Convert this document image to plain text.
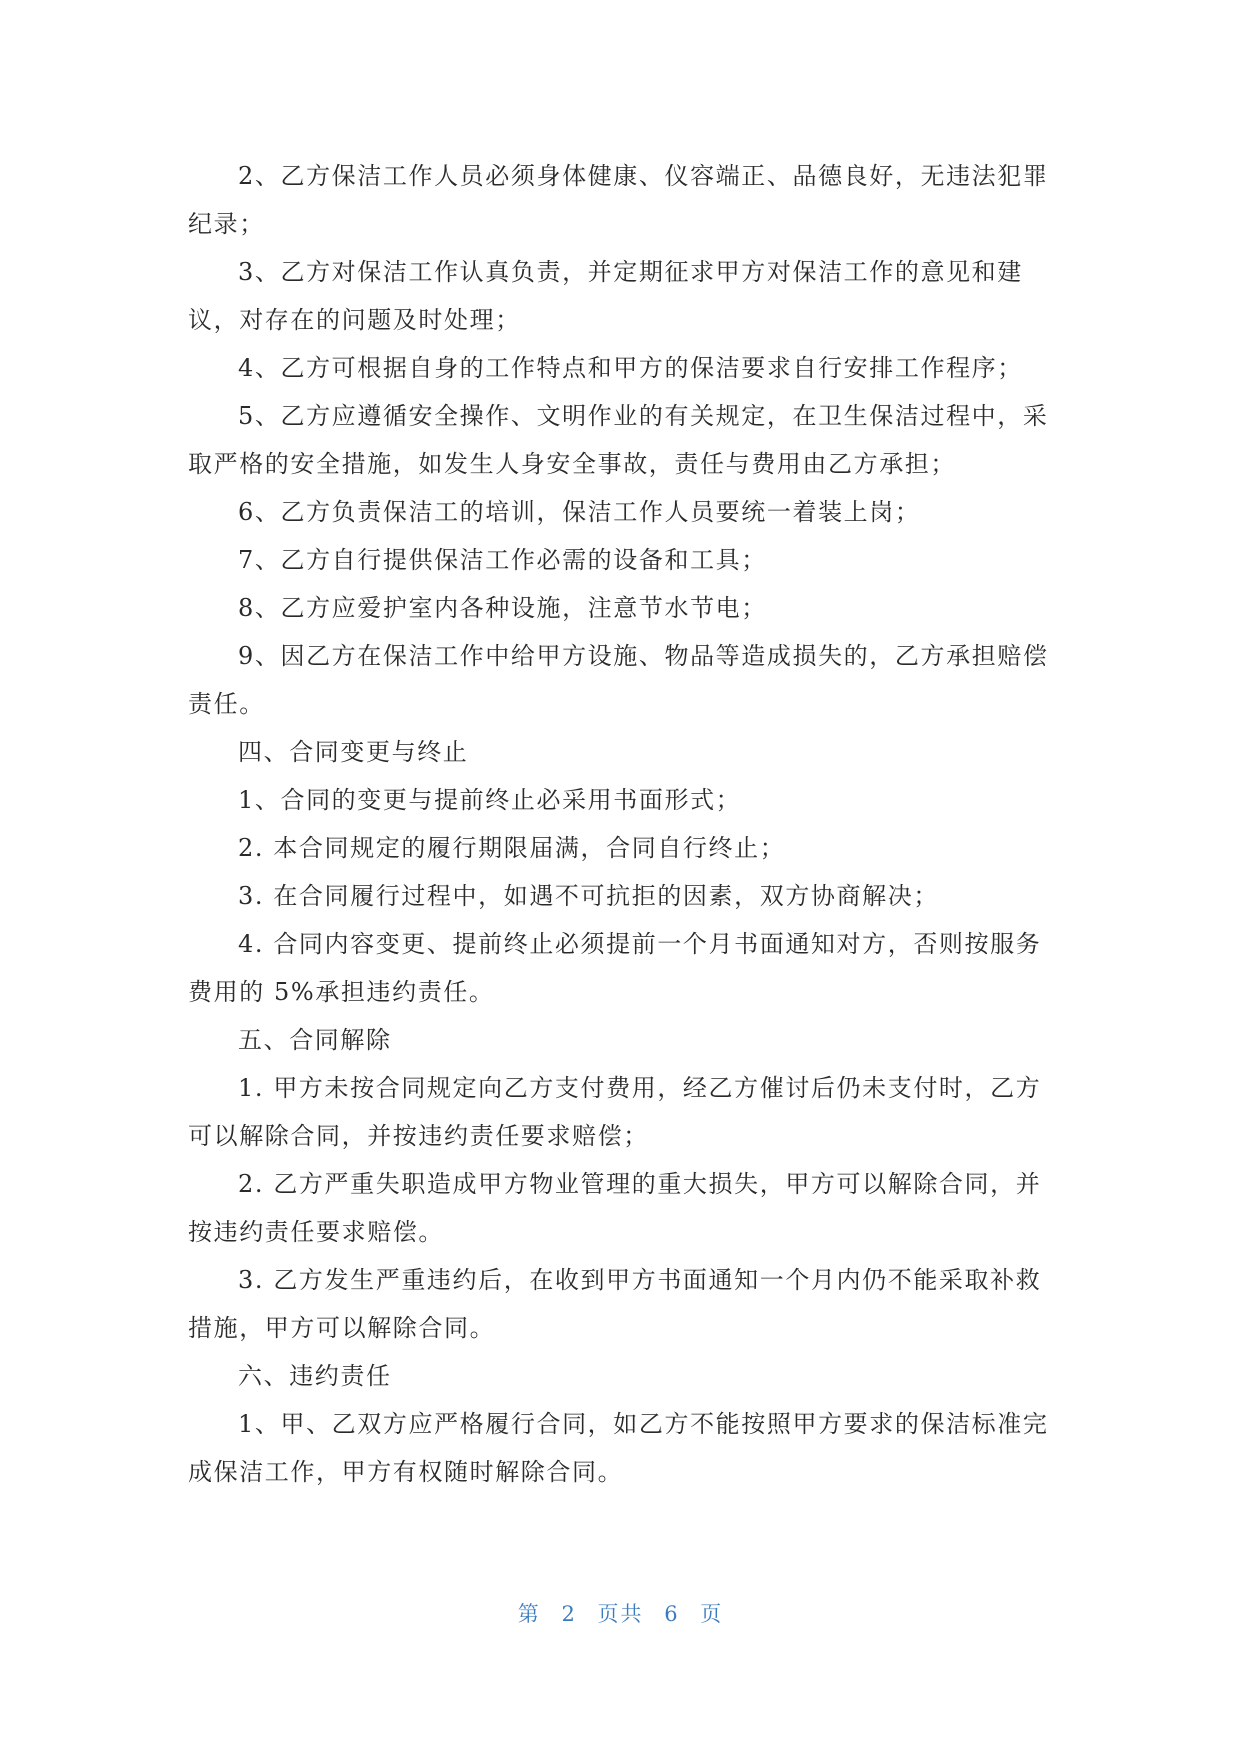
2、乙方保洁工作人员必须身体健康、仪容端正、品德良好，无违法犯罪纪录；

3、乙方对保洁工作认真负责，并定期征求甲方对保洁工作的意见和建议，对存在的问题及时处理；

4、乙方可根据自身的工作特点和甲方的保洁要求自行安排工作程序；

5、乙方应遵循安全操作、文明作业的有关规定，在卫生保洁过程中，采取严格的安全措施，如发生人身安全事故，责任与费用由乙方承担；

6、乙方负责保洁工的培训，保洁工作人员要统一着装上岗；

7、乙方自行提供保洁工作必需的设备和工具；

8、乙方应爱护室内各种设施，注意节水节电；

9、因乙方在保洁工作中给甲方设施、物品等造成损失的，乙方承担赔偿责任。

四、合同变更与终止

1、合同的变更与提前终止必采用书面形式；

2. 本合同规定的履行期限届满，合同自行终止；

3. 在合同履行过程中，如遇不可抗拒的因素，双方协商解决；

4. 合同内容变更、提前终止必须提前一个月书面通知对方，否则按服务费用的 5%承担违约责任。

五、合同解除

1. 甲方未按合同规定向乙方支付费用，经乙方催讨后仍未支付时，乙方可以解除合同，并按违约责任要求赔偿；

2. 乙方严重失职造成甲方物业管理的重大损失，甲方可以解除合同，并按违约责任要求赔偿。

3. 乙方发生严重违约后，在收到甲方书面通知一个月内仍不能采取补救措施，甲方可以解除合同。

六、违约责任

1、甲、乙双方应严格履行合同，如乙方不能按照甲方要求的保洁标准完成保洁工作，甲方有权随时解除合同。

第 2 页共 6 页
